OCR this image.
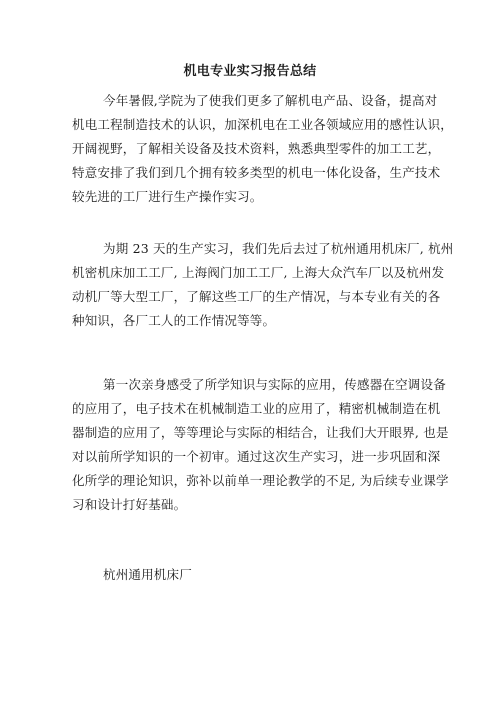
机电专业实习报告总结

今年暑假,学院为了使我们更多了解机电产品、设备，提高对
机电工程制造技术的认识，加深机电在工业各领域应用的感性认识，
开阔视野，了解相关设备及技术资料，熟悉典型零件的加工工艺，
特意安排了我们到几个拥有较多类型的机电一体化设备，生产技术
较先进的工厂进行生产操作实习。

为期 23 天的生产实习，我们先后去过了杭州通用机床厂, 杭州
机密机床加工工厂, 上海阀门加工工厂, 上海大众汽车厂以及杭州发
动机厂等大型工厂，了解这些工厂的生产情况，与本专业有关的各
种知识，各厂工人的工作情况等等。

第一次亲身感受了所学知识与实际的应用，传感器在空调设备
的应用了，电子技术在机械制造工业的应用了，精密机械制造在机
器制造的应用了，等等理论与实际的相结合，让我们大开眼界, 也是
对以前所学知识的一个初审。通过这次生产实习，进一步巩固和深
化所学的理论知识，弥补以前单一理论教学的不足, 为后续专业课学
习和设计打好基础。

杭州通用机床厂
